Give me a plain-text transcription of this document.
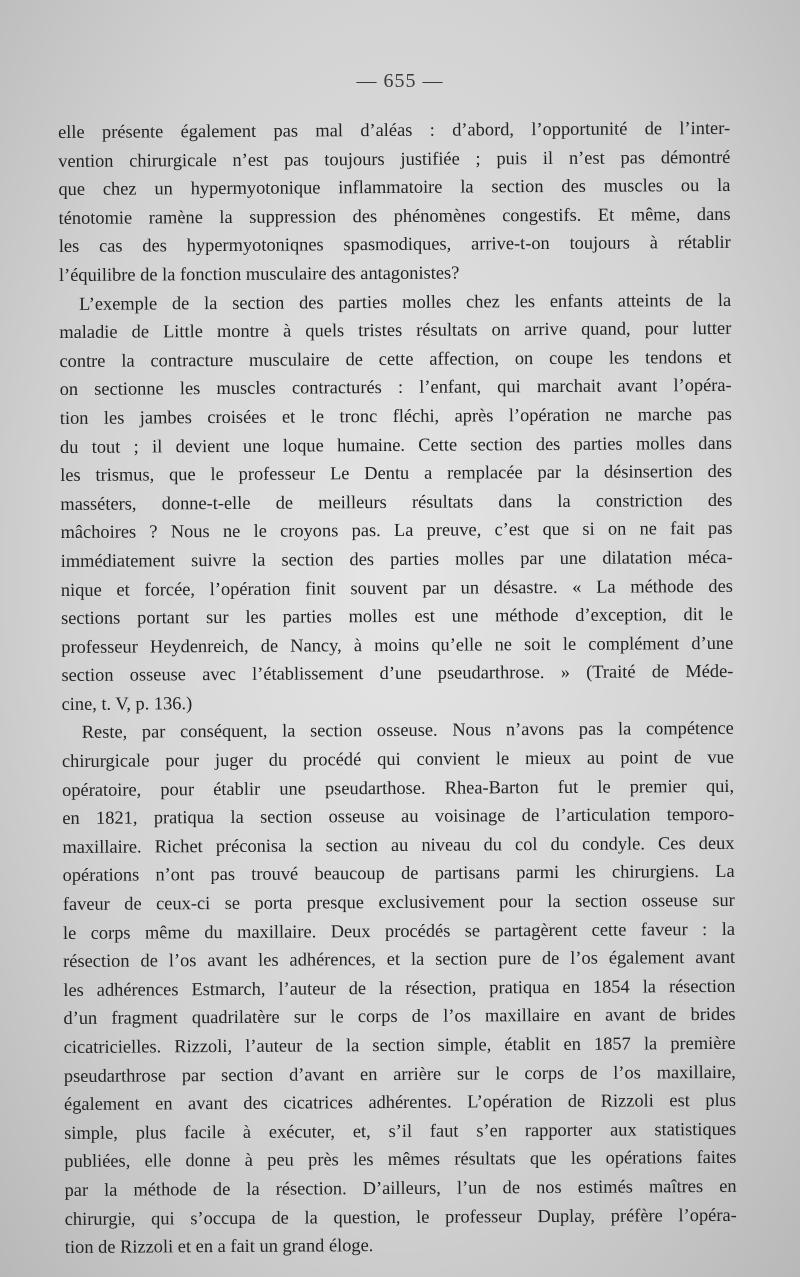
— 655 —
elle présente également pas mal d’aléas : d’abord, l’opportunité de l’inter-
vention chirurgicale n’est pas toujours justifiée ; puis il n’est pas démontré
que chez un hypermyotonique inflammatoire la section des muscles ou la
ténotomie ramène la suppression des phénomènes congestifs. Et même, dans
les cas des hypermyotoniqnes spasmodiques, arrive-t-on toujours à rétablir
l’équilibre de la fonction musculaire des antagonistes?
L’exemple de la section des parties molles chez les enfants atteints de la
maladie de Little montre à quels tristes résultats on arrive quand, pour lutter
contre la contracture musculaire de cette affection, on coupe les tendons et
on sectionne les muscles contracturés : l’enfant, qui marchait avant l’opéra-
tion les jambes croisées et le tronc fléchi, après l’opération ne marche pas
du tout ; il devient une loque humaine. Cette section des parties molles dans
les trismus, que le professeur Le Dentu a remplacée par la désinsertion des
masséters, donne-t-elle de meilleurs résultats dans la constriction des
mâchoires ? Nous ne le croyons pas. La preuve, c’est que si on ne fait pas
immédiatement suivre la section des parties molles par une dilatation méca-
nique et forcée, l’opération finit souvent par un désastre. « La méthode des
sections portant sur les parties molles est une méthode d’exception, dit le
professeur Heydenreich, de Nancy, à moins qu’elle ne soit le complément d’une
section osseuse avec l’établissement d’une pseudarthrose. » (Traité de Méde-
cine, t. V, p. 136.)
Reste, par conséquent, la section osseuse. Nous n’avons pas la compétence
chirurgicale pour juger du procédé qui convient le mieux au point de vue
opératoire, pour établir une pseudarthose. Rhea-Barton fut le premier qui,
en 1821, pratiqua la section osseuse au voisinage de l’articulation temporo-
maxillaire. Richet préconisa la section au niveau du col du condyle. Ces deux
opérations n’ont pas trouvé beaucoup de partisans parmi les chirurgiens. La
faveur de ceux-ci se porta presque exclusivement pour la section osseuse sur
le corps même du maxillaire. Deux procédés se partagèrent cette faveur : la
résection de l’os avant les adhérences, et la section pure de l’os également avant
les adhérences Estmarch, l’auteur de la résection, pratiqua en 1854 la résection
d’un fragment quadrilatère sur le corps de l’os maxillaire en avant de brides
cicatricielles. Rizzoli, l’auteur de la section simple, établit en 1857 la première
pseudarthrose par section d’avant en arrière sur le corps de l’os maxillaire,
également en avant des cicatrices adhérentes. L’opération de Rizzoli est plus
simple, plus facile à exécuter, et, s’il faut s’en rapporter aux statistiques
publiées, elle donne à peu près les mêmes résultats que les opérations faites
par la méthode de la résection. D’ailleurs, l’un de nos estimés maîtres en
chirurgie, qui s’occupa de la question, le professeur Duplay, préfère l’opéra-
tion de Rizzoli et en a fait un grand éloge.
